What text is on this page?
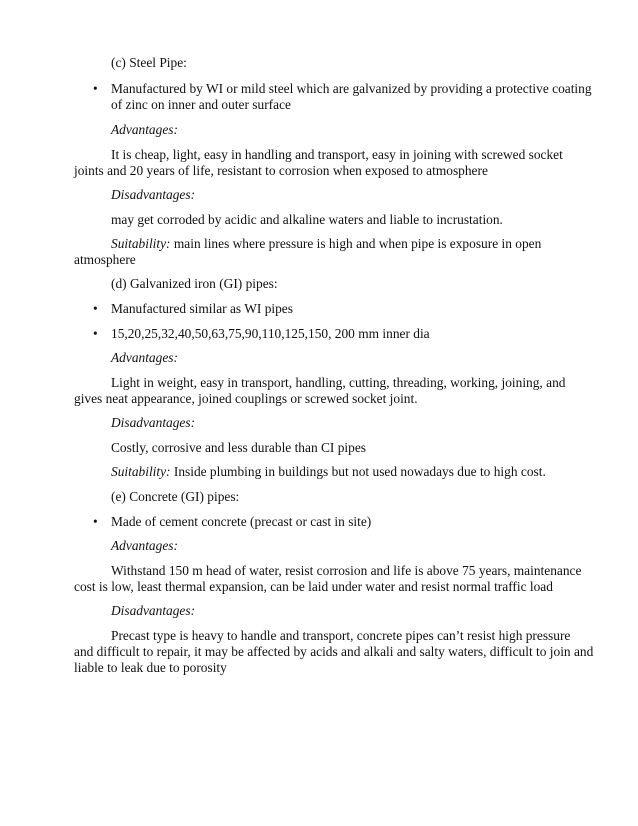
(c) Steel Pipe:
• Manufactured by WI or mild steel which are galvanized by providing a protective coating
of zinc on inner and outer surface
Advantages:
It is cheap, light, easy in handling and transport, easy in joining with screwed socket
joints and 20 years of life, resistant to corrosion when exposed to atmosphere
Disadvantages:
may get corroded by acidic and alkaline waters and liable to incrustation.
Suitability: main lines where pressure is high and when pipe is exposure in open
atmosphere
(d) Galvanized iron (GI) pipes:
• Manufactured similar as WI pipes
• 15,20,25,32,40,50,63,75,90,110,125,150, 200 mm inner dia
Advantages:
Light in weight, easy in transport, handling, cutting, threading, working, joining, and
gives neat appearance, joined couplings or screwed socket joint.
Disadvantages:
Costly, corrosive and less durable than CI pipes
Suitability: Inside plumbing in buildings but not used nowadays due to high cost.
(e) Concrete (GI) pipes:
• Made of cement concrete (precast or cast in site)
Advantages:
Withstand 150 m head of water, resist corrosion and life is above 75 years, maintenance
cost is low, least thermal expansion, can be laid under water and resist normal traffic load
Disadvantages:
Precast type is heavy to handle and transport, concrete pipes can’t resist high pressure
and difficult to repair, it may be affected by acids and alkali and salty waters, difficult to join and
liable to leak due to porosity
